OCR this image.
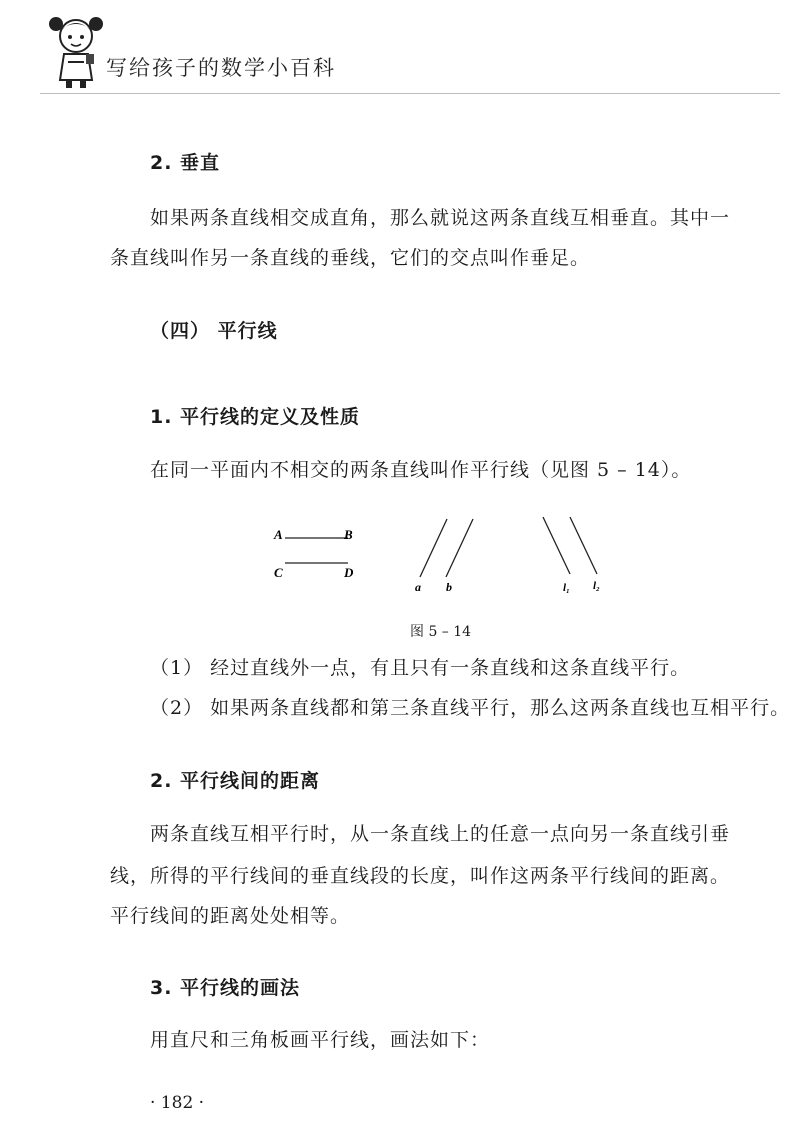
写给孩子的数学小百科
2. 垂直

如果两条直线相交成直角，那么就说这两条直线互相垂直。其中一

条直线叫作另一条直线的垂线，它们的交点叫作垂足。

（四） 平行线
1. 平行线的定义及性质

在同一平面内不相交的两条直线叫作平行线（见图 5 – 14）。

A	B
C	D
a b	l₁ l₂
图 5 – 14

（1） 经过直线外一点，有且只有一条直线和这条直线平行。

（2） 如果两条直线都和第三条直线平行，那么这两条直线也互相平行。

2. 平行线间的距离

两条直线互相平行时，从一条直线上的任意一点向另一条直线引垂

线，所得的平行线间的垂直线段的长度，叫作这两条平行线间的距离。

平行线间的距离处处相等。

3. 平行线的画法

用直尺和三角板画平行线，画法如下：

· 182 ·
